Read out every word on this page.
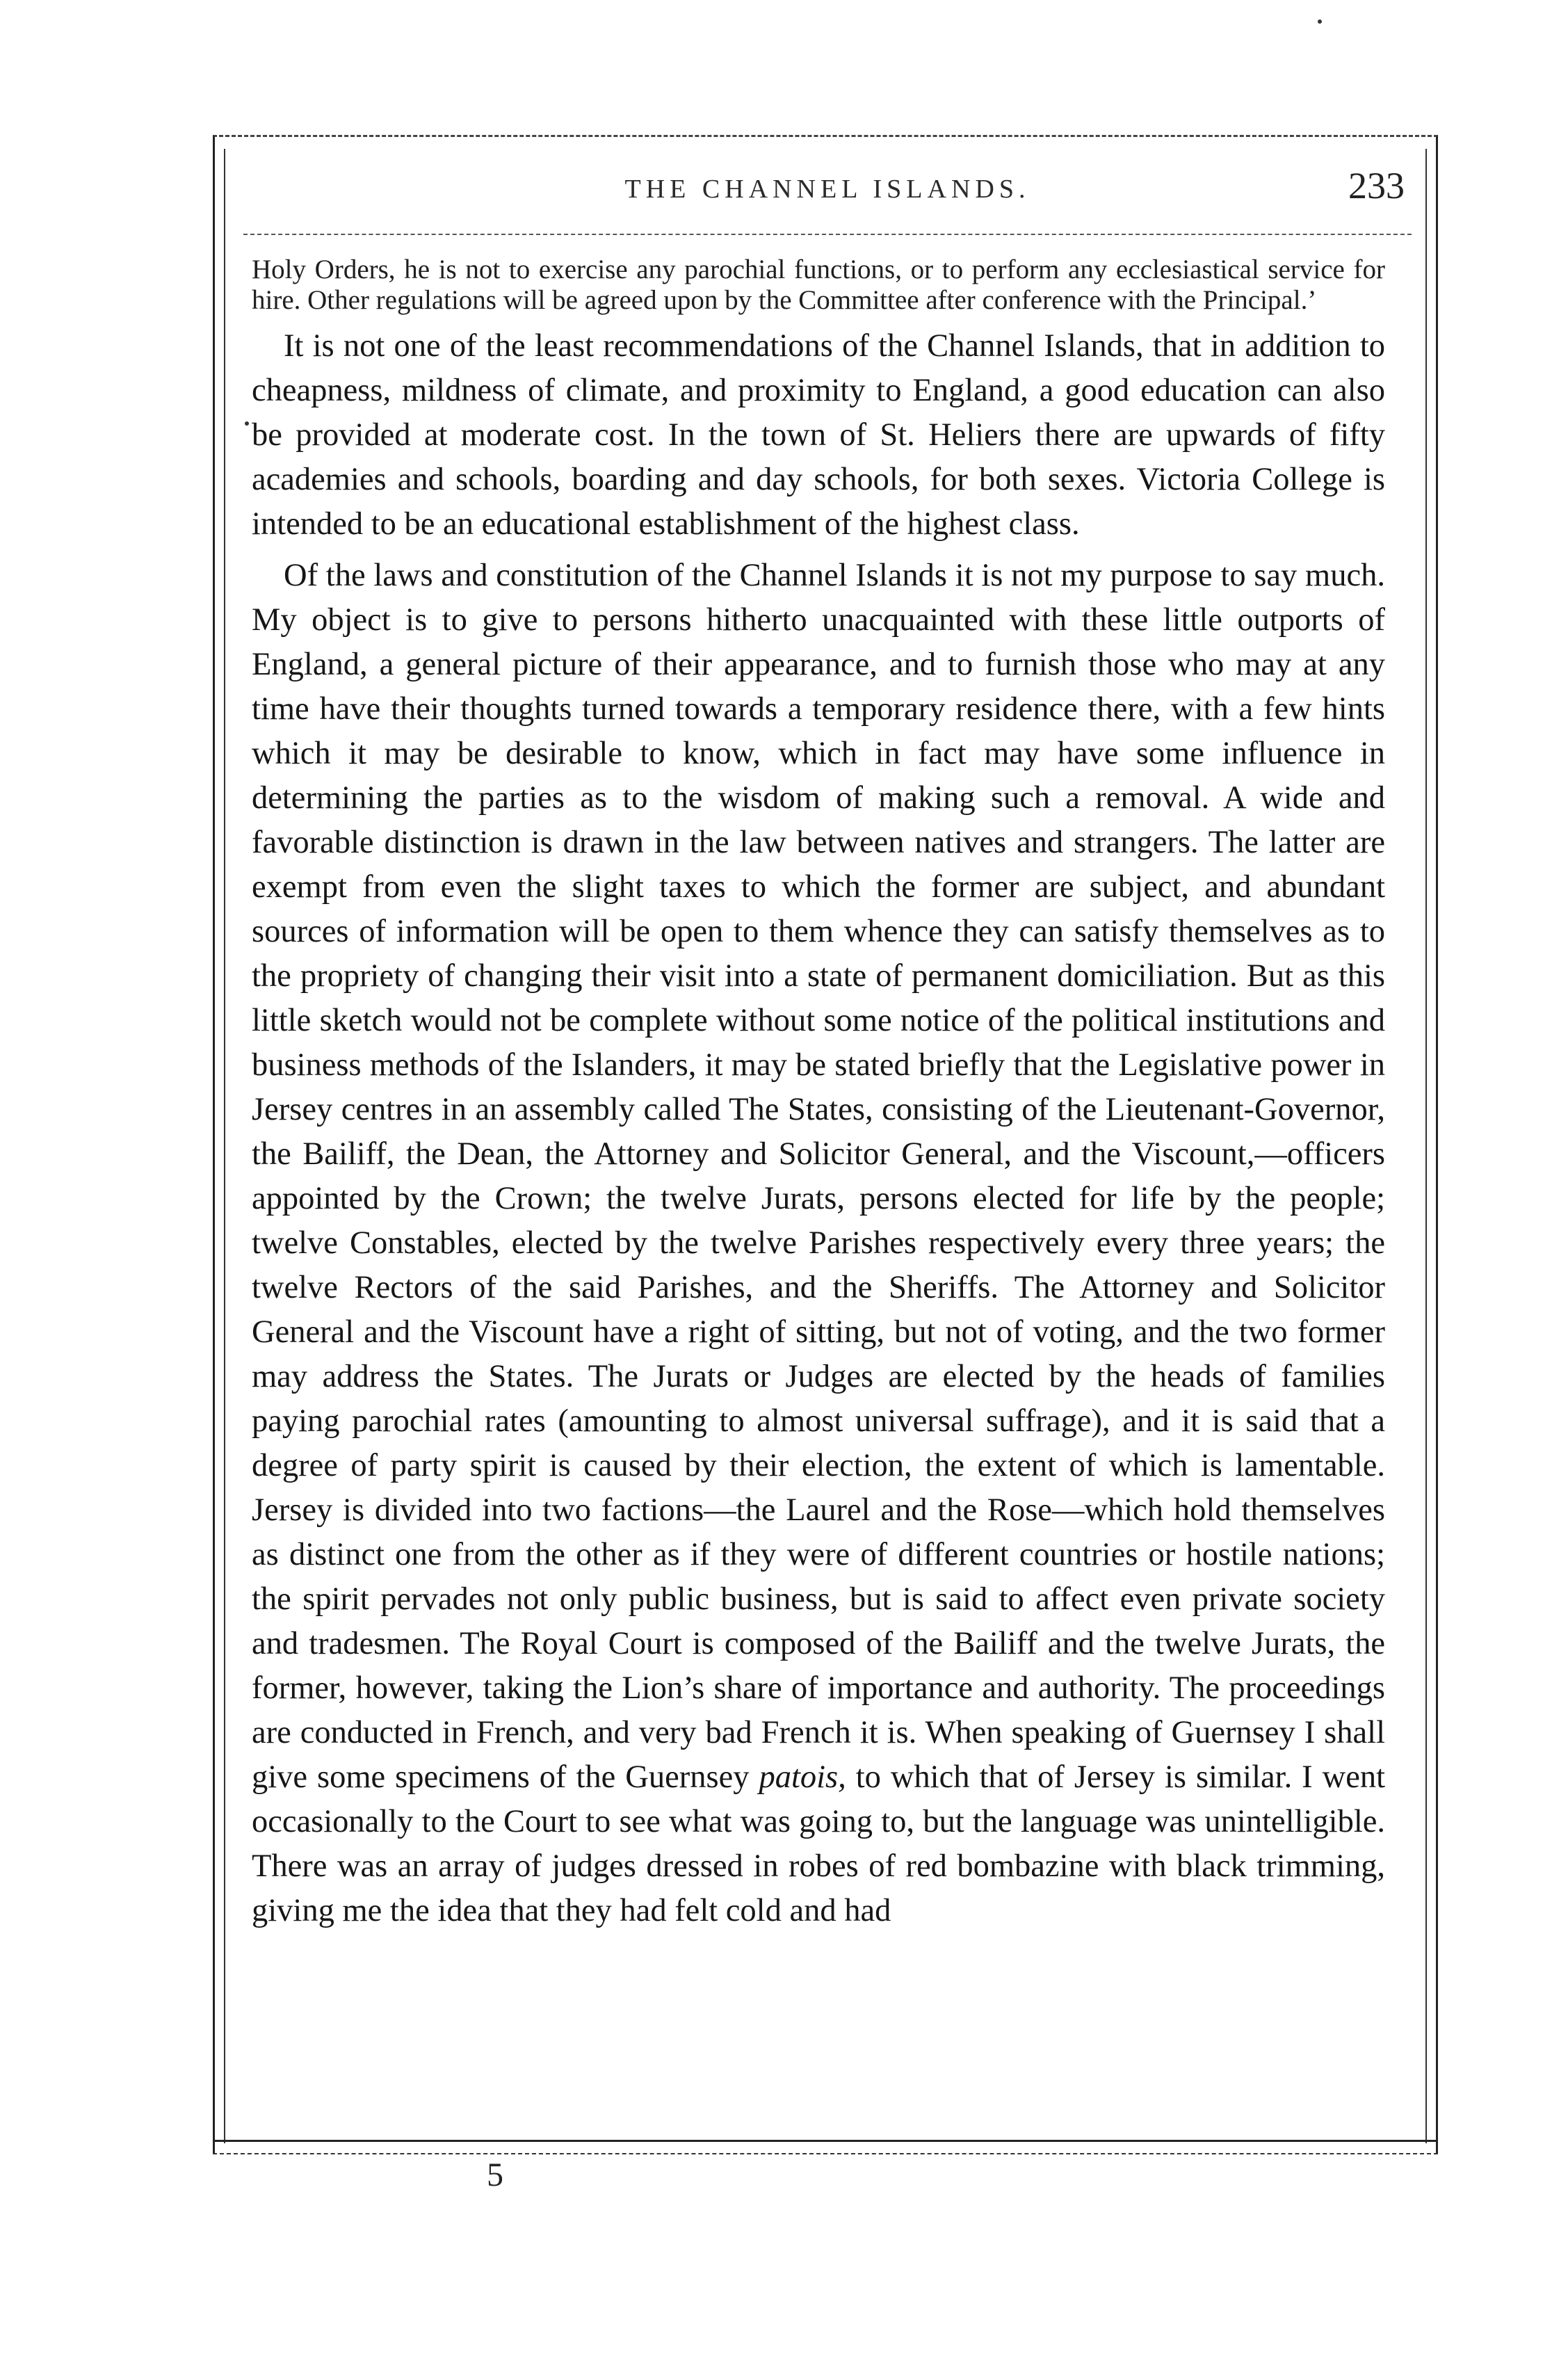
THE CHANNEL ISLANDS.	233

Holy Orders, he is not to exercise any parochial functions, or to perform any ecclesiastical service for hire. Other regulations will be agreed upon by the Committee after conference with the Principal.’

It is not one of the least recommendations of the Channel Islands, that in addition to cheapness, mildness of climate, and proximity to England, a good education can also be provided at moderate cost. In the town of St. Heliers there are upwards of fifty academies and schools, boarding and day schools, for both sexes. Victoria College is intended to be an educational establishment of the highest class.

Of the laws and constitution of the Channel Islands it is not my purpose to say much. My object is to give to persons hitherto unacquainted with these little outports of England, a general picture of their appearance, and to furnish those who may at any time have their thoughts turned towards a temporary residence there, with a few hints which it may be desirable to know, which in fact may have some influence in determining the parties as to the wisdom of making such a removal. A wide and favorable distinction is drawn in the law between natives and strangers. The latter are exempt from even the slight taxes to which the former are subject, and abundant sources of information will be open to them whence they can satisfy themselves as to the propriety of changing their visit into a state of permanent domiciliation. But as this little sketch would not be complete without some notice of the political institutions and business methods of the Islanders, it may be stated briefly that the Legislative power in Jersey centres in an assembly called The States, consisting of the Lieutenant-Governor, the Bailiff, the Dean, the Attorney and Solicitor General, and the Viscount,—officers appointed by the Crown; the twelve Jurats, persons elected for life by the people; twelve Constables, elected by the twelve Parishes respectively every three years; the twelve Rectors of the said Parishes, and the Sheriffs. The Attorney and Solicitor General and the Viscount have a right of sitting, but not of voting, and the two former may address the States. The Jurats or Judges are elected by the heads of families paying parochial rates (amounting to almost universal suffrage), and it is said that a degree of party spirit is caused by their election, the extent of which is lamentable. Jersey is divided into two factions—the Laurel and the Rose—which hold themselves as distinct one from the other as if they were of different countries or hostile nations; the spirit pervades not only public business, but is said to affect even private society and tradesmen. The Royal Court is composed of the Bailiff and the twelve Jurats, the former, however, taking the Lion’s share of importance and authority. The proceedings are conducted in French, and very bad French it is. When speaking of Guernsey I shall give some specimens of the Guernsey patois, to which that of Jersey is similar. I went occasionally to the Court to see what was going to, but the language was unintelligible. There was an array of judges dressed in robes of red bombazine with black trimming, giving me the idea that they had felt cold and had

5
